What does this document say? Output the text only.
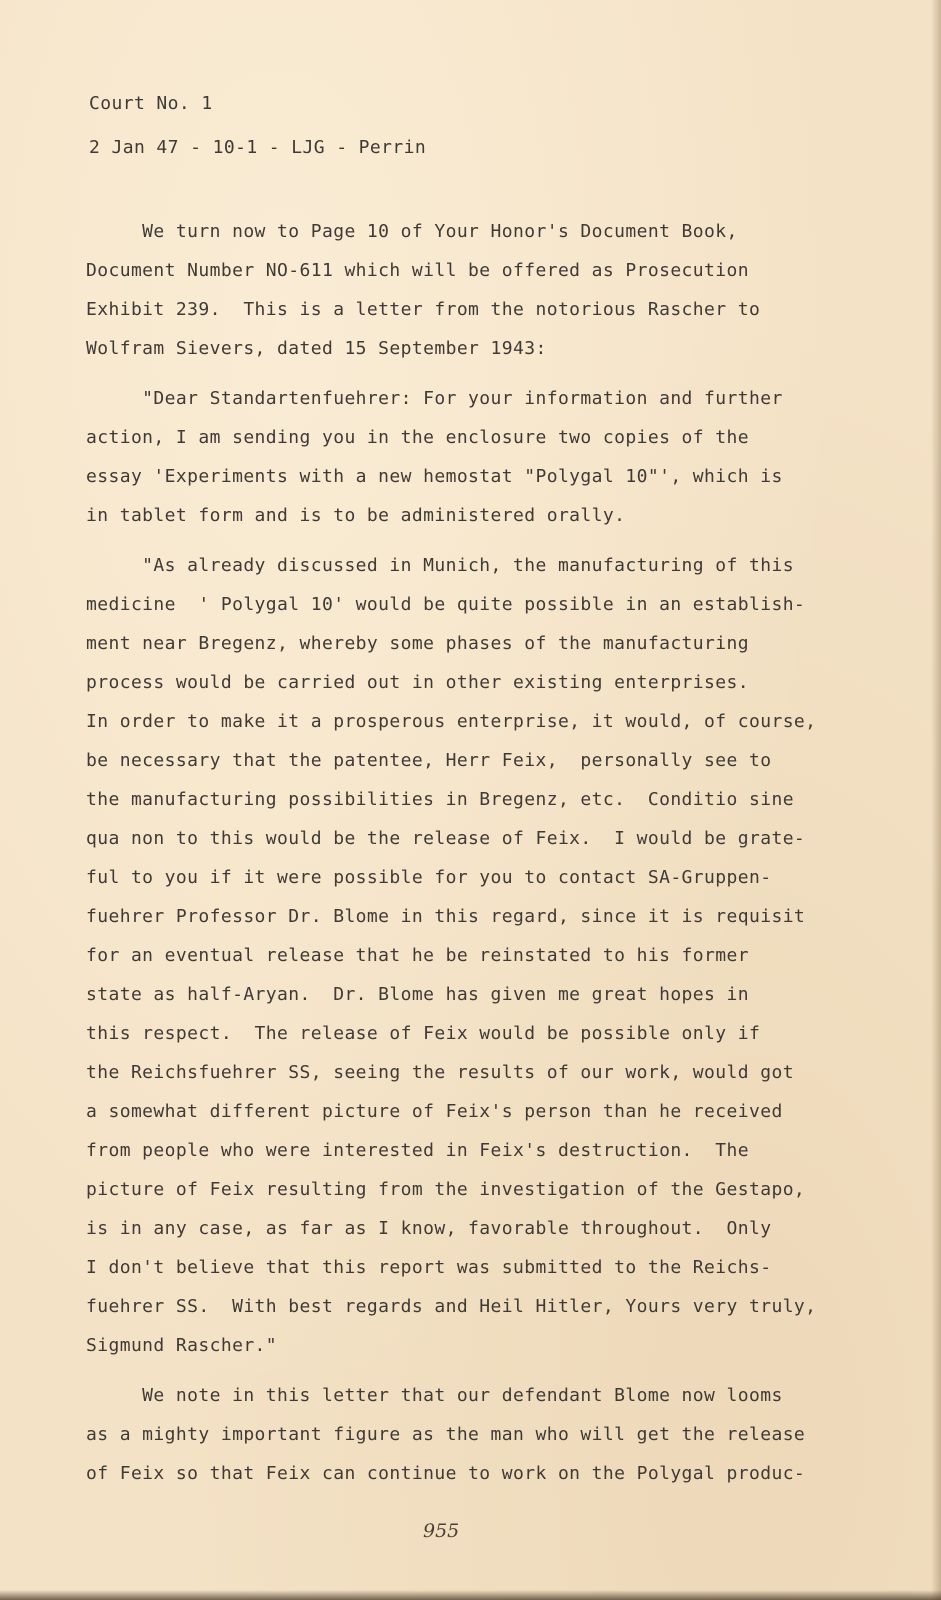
Court No. 1
2 Jan 47 - 10-1 - LJG - Perrin
We turn now to Page 10 of Your Honor's Document Book,
Document Number NO-611 which will be offered as Prosecution
Exhibit 239.  This is a letter from the notorious Rascher to
Wolfram Sievers, dated 15 September 1943:
"Dear Standartenfuehrer: For your information and further
action, I am sending you in the enclosure two copies of the
essay 'Experiments with a new hemostat "Polygal 10"', which is
in tablet form and is to be administered orally.
"As already discussed in Munich, the manufacturing of this
medicine  ' Polygal 10' would be quite possible in an establish-
ment near Bregenz, whereby some phases of the manufacturing
process would be carried out in other existing enterprises.
In order to make it a prosperous enterprise, it would, of course,
be necessary that the patentee, Herr Feix,  personally see to
the manufacturing possibilities in Bregenz, etc.  Conditio sine
qua non to this would be the release of Feix.  I would be grate-
ful to you if it were possible for you to contact SA-Gruppen-
fuehrer Professor Dr. Blome in this regard, since it is requisit
for an eventual release that he be reinstated to his former
state as half-Aryan.  Dr. Blome has given me great hopes in
this respect.  The release of Feix would be possible only if
the Reichsfuehrer SS, seeing the results of our work, would got
a somewhat different picture of Feix's person than he received
from people who were interested in Feix's destruction.  The
picture of Feix resulting from the investigation of the Gestapo,
is in any case, as far as I know, favorable throughout.  Only
I don't believe that this report was submitted to the Reichs-
fuehrer SS.  With best regards and Heil Hitler, Yours very truly,
Sigmund Rascher."
We note in this letter that our defendant Blome now looms
as a mighty important figure as the man who will get the release
of Feix so that Feix can continue to work on the Polygal produc-
955
